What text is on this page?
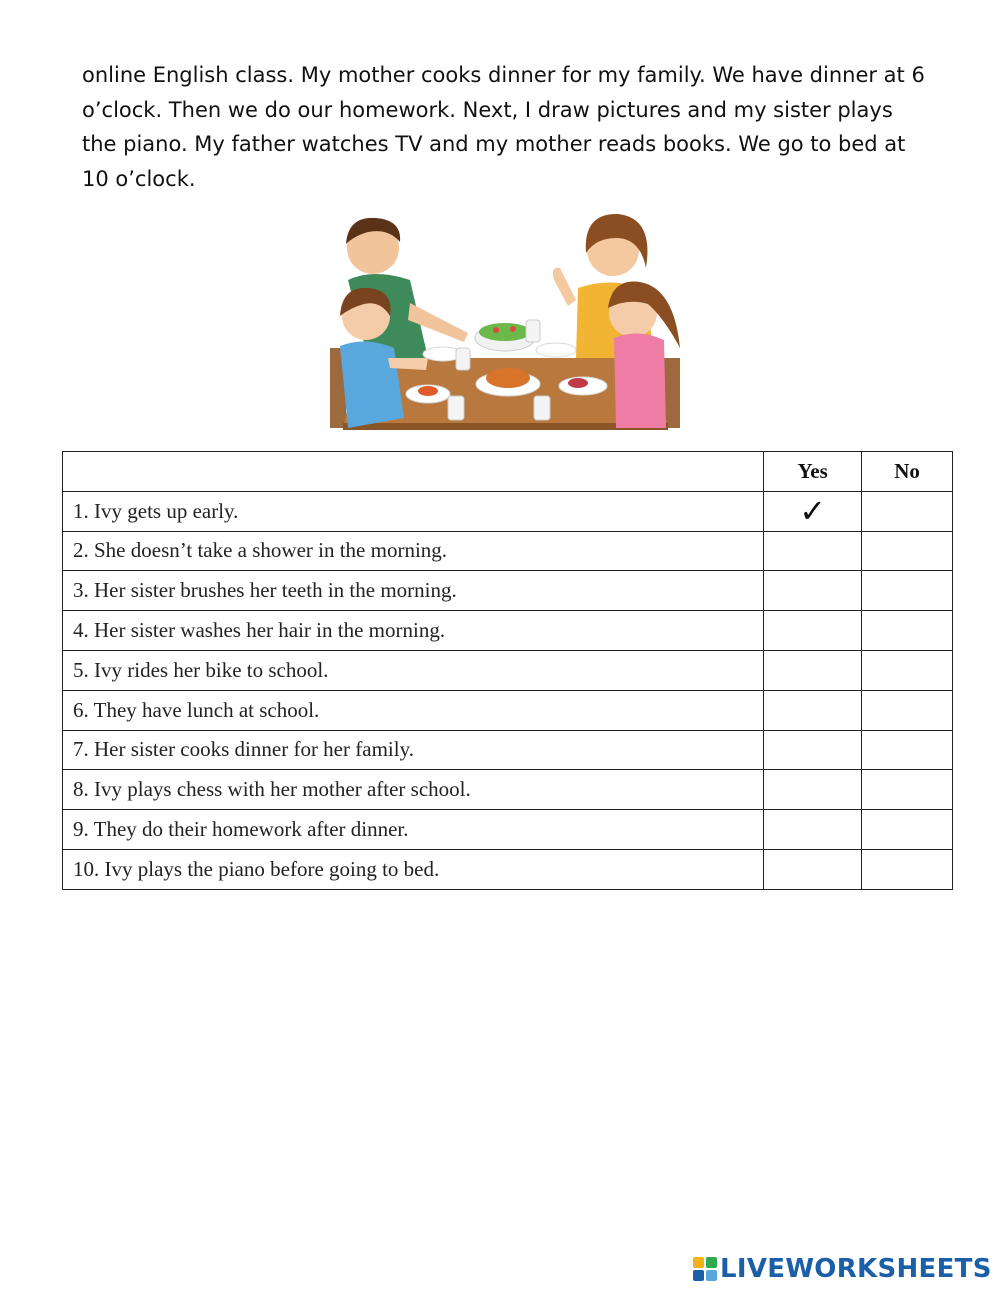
online English class. My mother cooks dinner for my family. We have dinner at 6
o’clock. Then we do our homework. Next, I draw pictures and my sister plays
the piano. My father watches TV and my mother reads books. We go to bed at
10 o’clock.

	Yes	No
1. Ivy gets up early.	✓	
2. She doesn’t take a shower in the morning.		
3. Her sister brushes her teeth in the morning.		
4. Her sister washes her hair in the morning.		
5. Ivy rides her bike to school.		
6. They have lunch at school.		
7. Her sister cooks dinner for her family.		
8. Ivy plays chess with her mother after school.		
9. They do their homework after dinner.		
10. Ivy plays the piano before going to bed.		
LIVEWORKSHEETS
